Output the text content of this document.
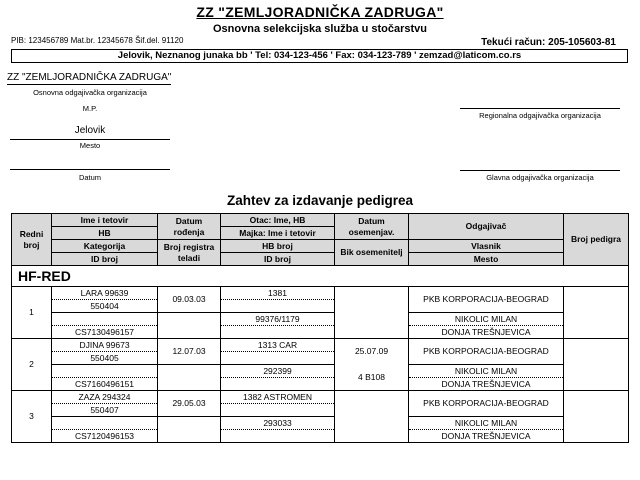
ZZ "ZEMLJORADNIČKA ZADRUGA"
Osnovna selekcijska služba u stočarstvu
PIB: 123456789 Mat.br. 12345678 Šif.del. 91120	Tekući račun: 205-105603-81
Jelovik, Neznanog junaka bb ' Tel: 034-123-456 ' Fax: 034-123-789 ' zemzad@laticom.co.rs
ZZ "ZEMLJORADNIČKA ZADRUGA"
Osnovna odgajivačka organizacija
M.P.
Jelovik
Mesto
Datum
Regionalna odgajivačka organizacija
Glavna odgajivačka organizacija
Zahtev za izdavanje pedigrea
Redni broj	Ime i tetovir	Datum rođenja	Otac: Ime, HB	Datum osemenjav.	Odgajivač	Broj pedigra
	HB		Majka: Ime i tetovir			
	Kategorija	Broj registra teladi	HB broj	Bik osemenitelj	Vlasnik	
	ID broj		ID broj		Mesto	
HF-RED						
1	LARA 99639	09.03.03	1381		PKB KORPORACIJA-BEOGRAD	
	550404					
			99376/1179		NIKOLIC MILAN	
	CS7130496157				DONJA TREŠNJEVICA	
2	DJINA 99673	12.07.03	1313 CAR	25.07.09	PKB KORPORACIJA-BEOGRAD	
	550405					
			292399	4 B108	NIKOLIC MILAN	
	CS7160496151				DONJA TREŠNJEVICA	
3	ZAZA 294324	29.05.03	1382 ASTROMEN		PKB KORPORACIJA-BEOGRAD	
	550407					
			293033		NIKOLIC MILAN	
	CS7120496153				DONJA TREŠNJEVICA	
